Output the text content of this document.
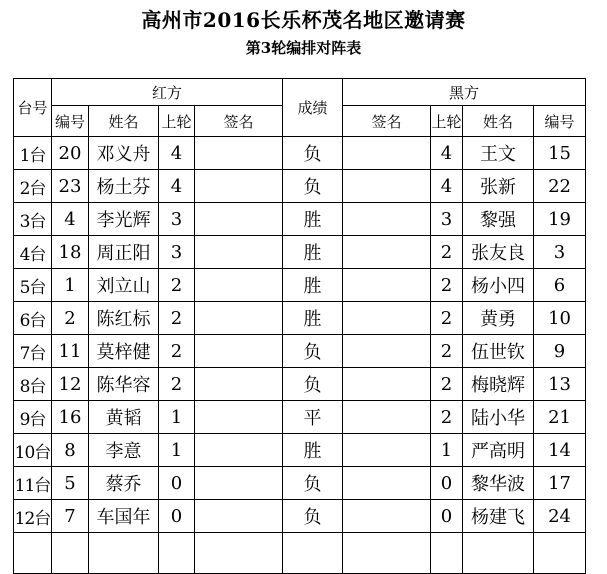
高州市2016长乐杯茂名地区邀请赛
第3轮编排对阵表
台号	红方				成绩	黑方			
	编号	姓名	上轮	签名		签名	上轮	姓名	编号
1台	20	邓义舟	4		负		4	王文	15
2台	23	杨土芬	4		负		4	张新	22
3台	4	李光辉	3		胜		3	黎强	19
4台	18	周正阳	3		胜		2	张友良	3
5台	1	刘立山	2		胜		2	杨小四	6
6台	2	陈红标	2		胜		2	黄勇	10
7台	11	莫梓健	2		负		2	伍世钦	9
8台	12	陈华容	2		负		2	梅晓辉	13
9台	16	黄韬	1		平		2	陆小华	21
10台	8	李意	1		胜		1	严高明	14
11台	5	蔡乔	0		负		0	黎华波	17
12台	7	车国年	0		负		0	杨建飞	24
